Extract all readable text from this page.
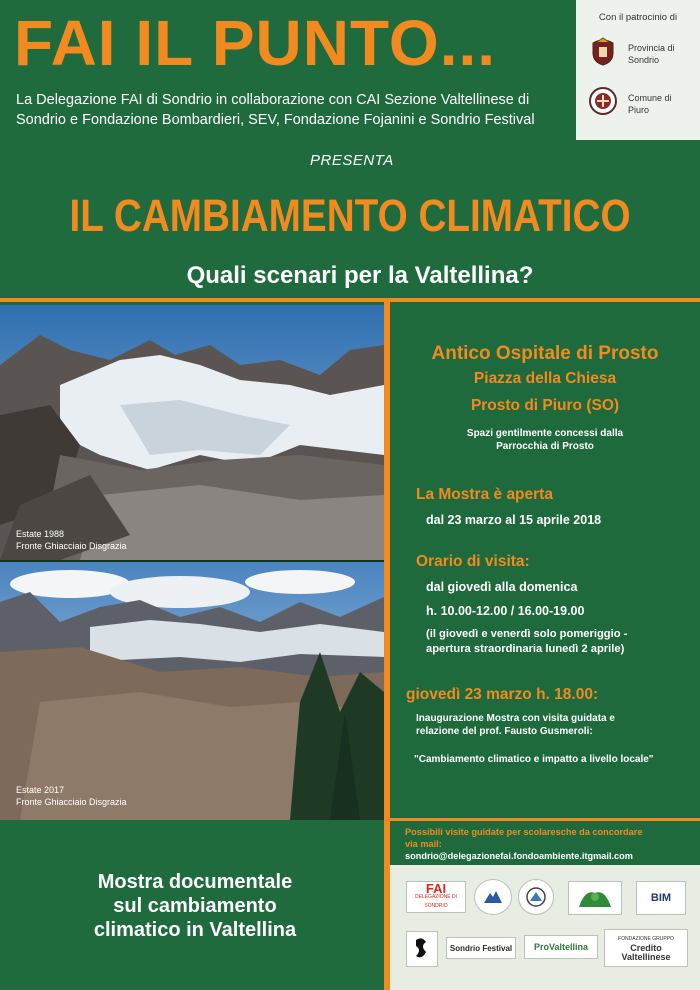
FAI IL PUNTO...
La Delegazione FAI di Sondrio in collaborazione con CAI Sezione Valtellinese di Sondrio e Fondazione Bombardieri, SEV, Fondazione Fojanini e Sondrio Festival
PRESENTA
IL CAMBIAMENTO CLIMATICO
Quali scenari per la Valtellina?
Con il patrocinio di
Provincia di
Sondrio
Comune di
Piuro
Estate 1988
Fronte Ghiacciaio Disgrazia
Estate 2017
Fronte Ghiacciaio Disgrazia
Antico Ospitale di Prosto
Piazza della Chiesa
Prosto di Piuro (SO)
Spazi gentilmente concessi dalla
Parrocchia di Prosto
La Mostra è aperta
dal 23 marzo al 15 aprile 2018
Orario di visita:
dal giovedì alla domenica
h. 10.00-12.00 / 16.00-19.00
(il giovedì e venerdì solo pomeriggio -
apertura straordinaria lunedì 2 aprile)
giovedì 23 marzo h. 18.00:
Inaugurazione Mostra con visita guidata e
relazione del prof. Fausto Gusmeroli:
"Cambiamento climatico e impatto a livello locale"
Possibili visite guidate per scolaresche da concordare
via mail:
sondrio@delegazionefai.fondoambiente.itgmail.com
Mostra documentale
sul cambiamento
climatico in Valtellina
FAI
DELEGAZIONE DI SONDRIO
BIM
Sondrio Festival	ProValtellina
FONDAZIONE GRUPPO
Credito
Valtellinese
